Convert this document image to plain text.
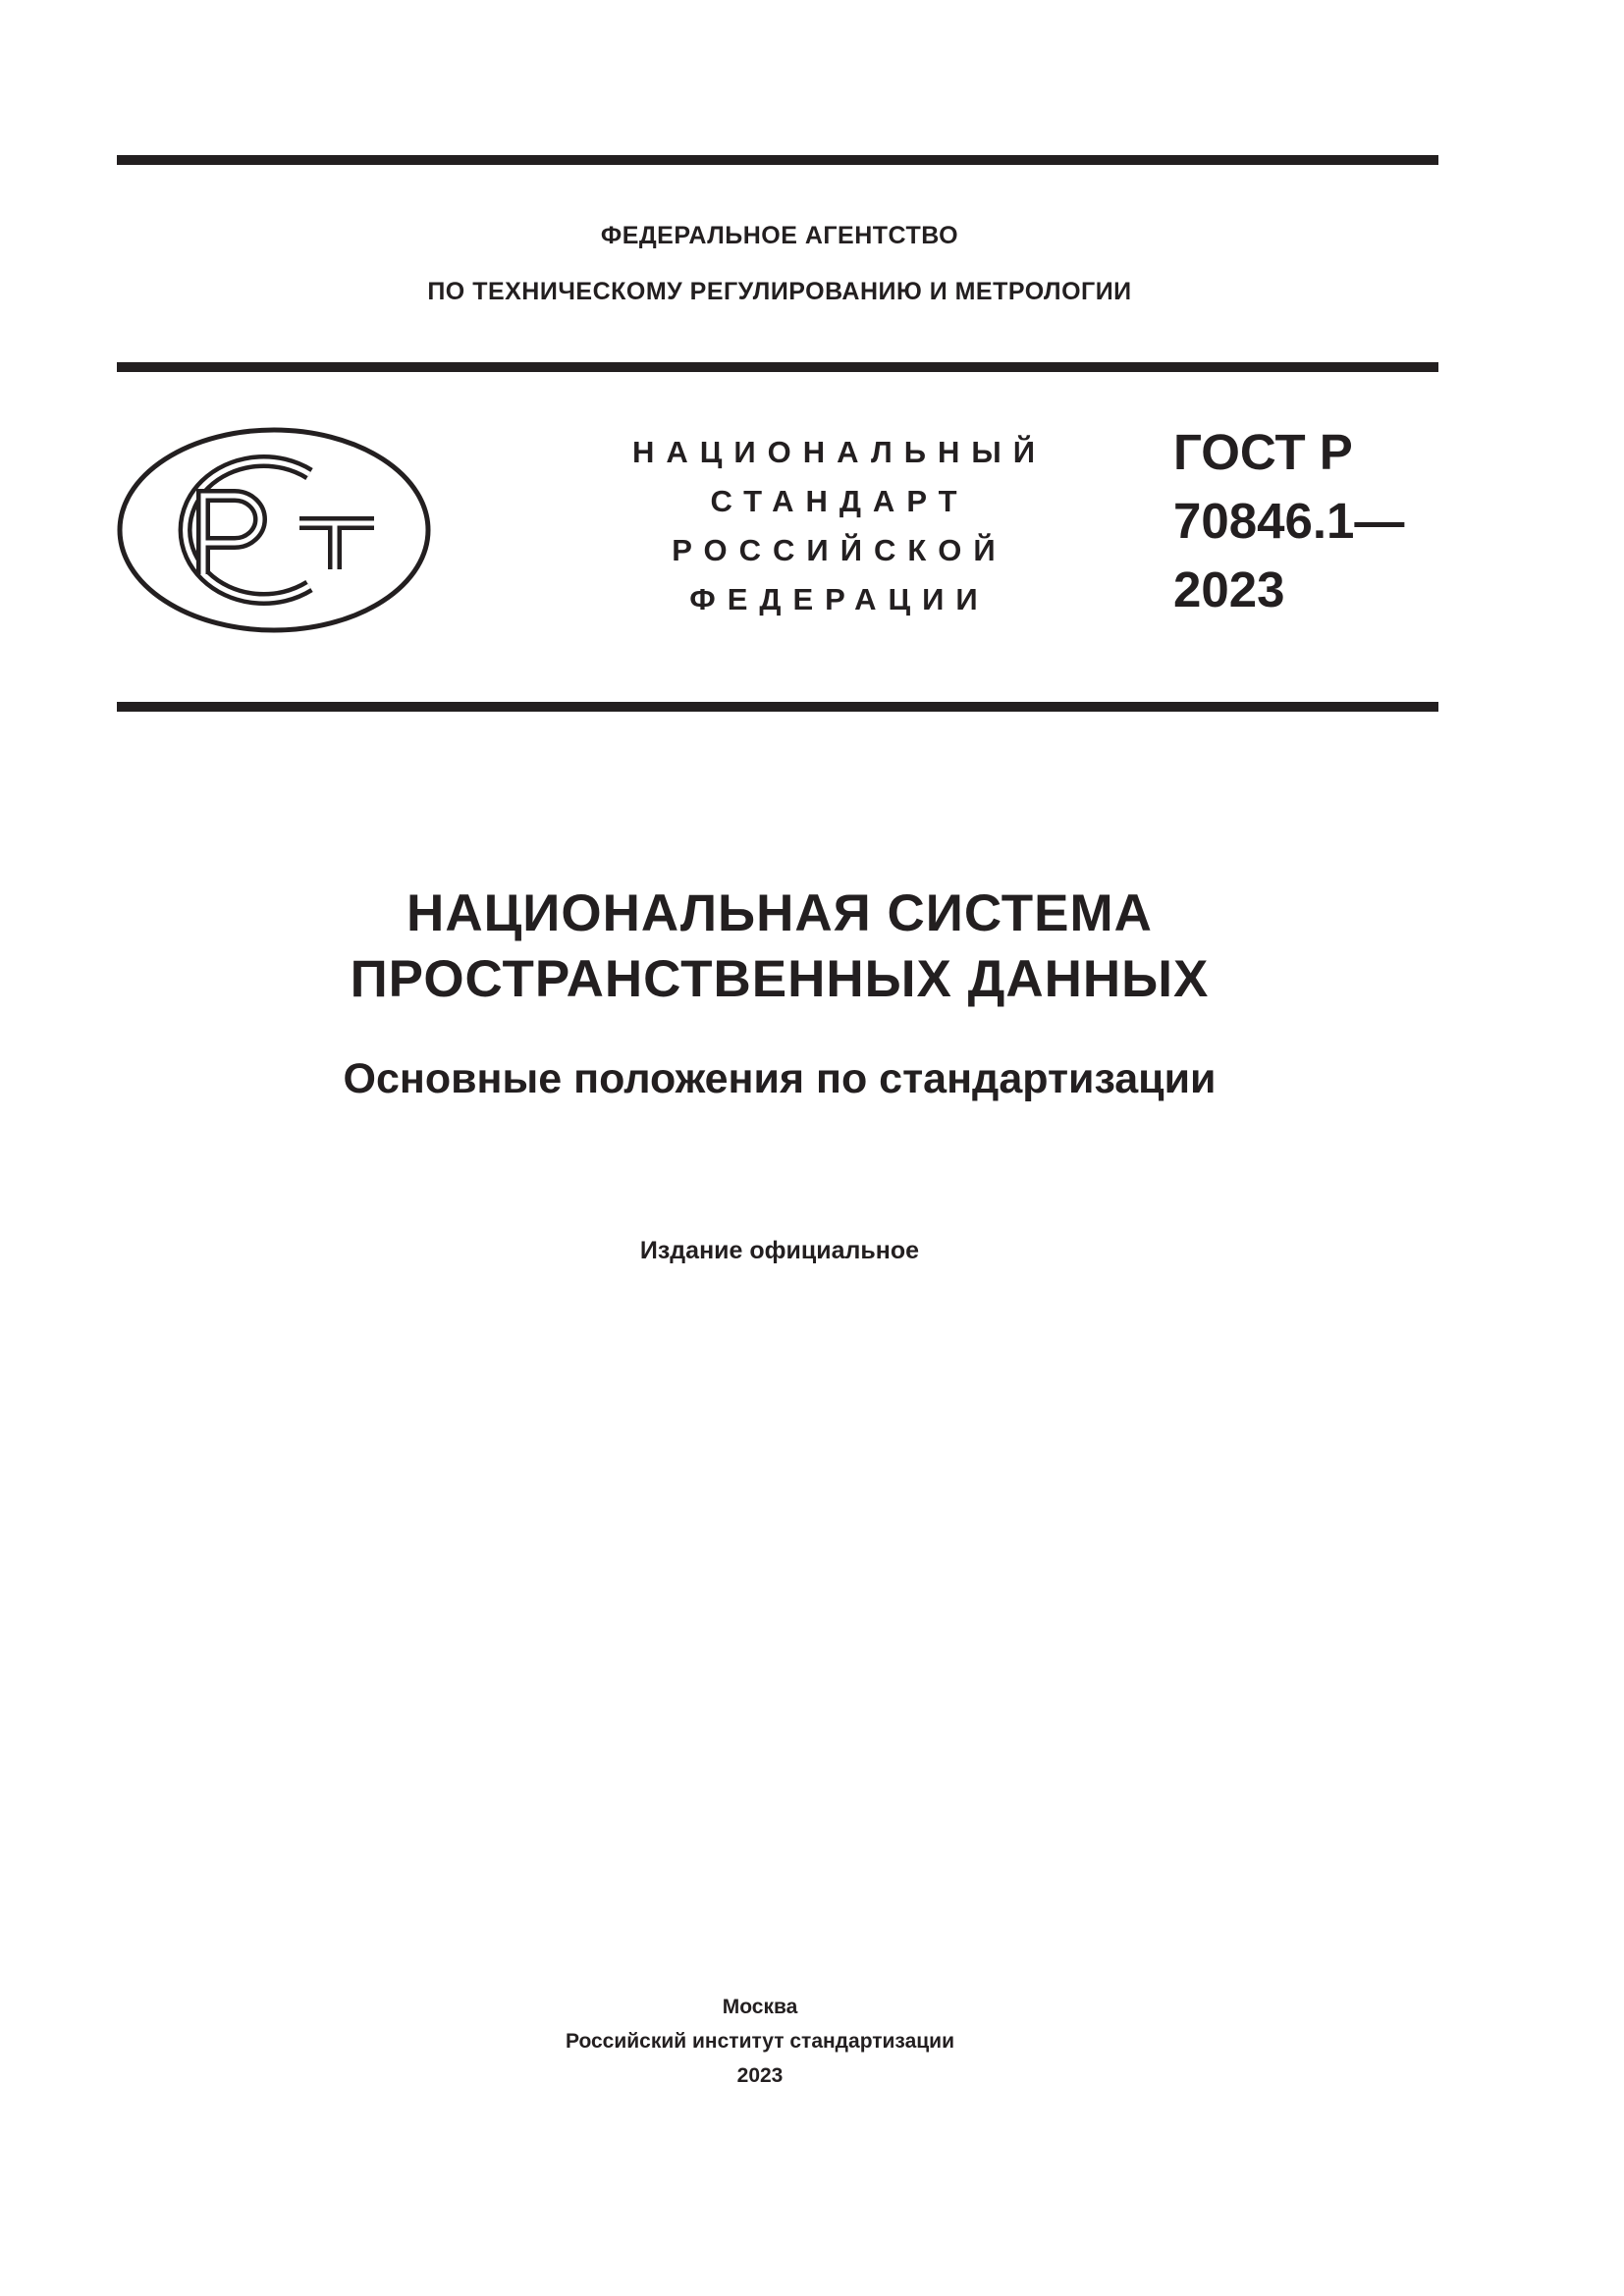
ФЕДЕРАЛЬНОЕ АГЕНТСТВО
ПО ТЕХНИЧЕСКОМУ РЕГУЛИРОВАНИЮ И МЕТРОЛОГИИ
НАЦИОНАЛЬНЫЙ
СТАНДАРТ
РОССИЙСКОЙ
ФЕДЕРАЦИИ
ГОСТ Р
70846.1—
2023
НАЦИОНАЛЬНАЯ СИСТЕМА
ПРОСТРАНСТВЕННЫХ ДАННЫХ
Основные положения по стандартизации
Издание официальное
Москва
Российский институт стандартизации
2023
